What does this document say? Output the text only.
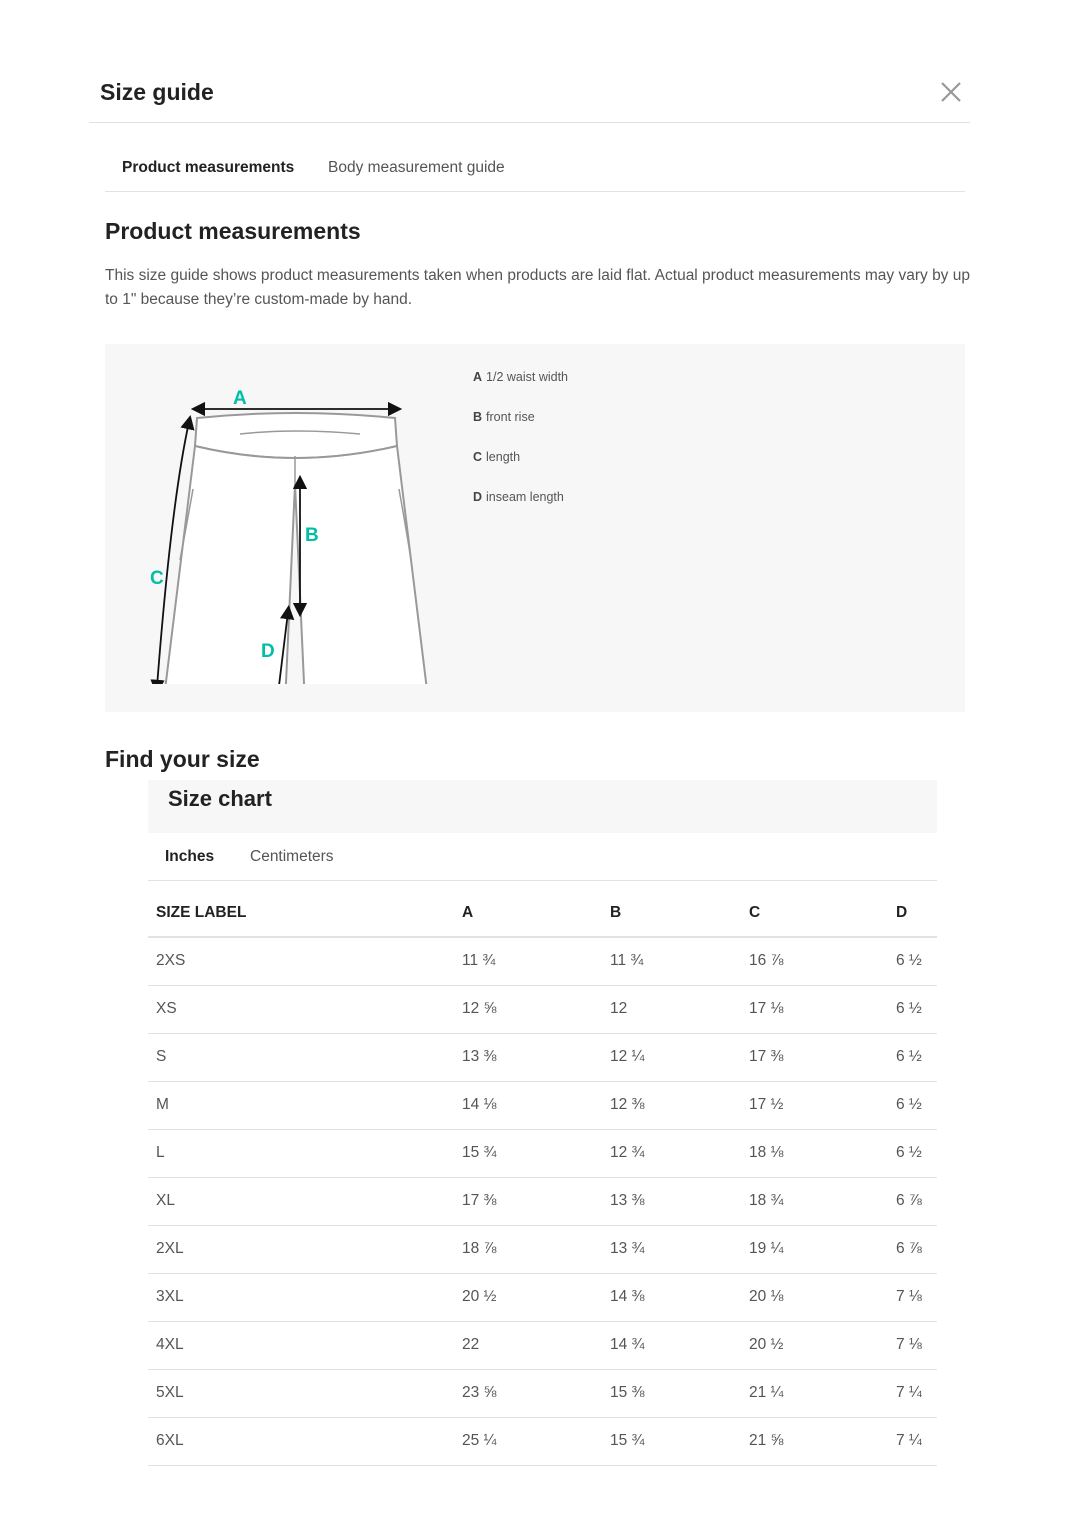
Size guide
Product measurements Body measurement guide
Product measurements
This size guide shows product measurements taken when products are laid flat. Actual product measurements may vary by up to 1" because they’re custom-made by hand.
A
B
C
D
A 1/2 waist width
B front rise
C length
D inseam length
Find your size
Size chart
Inches Centimeters
SIZE LABEL	A	B	C	D
2XS	11 ¾	11 ¾	16 ⅞	6 ½
XS	12 ⅝	12	17 ⅛	6 ½
S	13 ⅜	12 ¼	17 ⅜	6 ½
M	14 ⅛	12 ⅜	17 ½	6 ½
L	15 ¾	12 ¾	18 ⅛	6 ½
XL	17 ⅜	13 ⅜	18 ¾	6 ⅞
2XL	18 ⅞	13 ¾	19 ¼	6 ⅞
3XL	20 ½	14 ⅜	20 ⅛	7 ⅛
4XL	22	14 ¾	20 ½	7 ⅛
5XL	23 ⅝	15 ⅜	21 ¼	7 ¼
6XL	25 ¼	15 ¾	21 ⅝	7 ¼
